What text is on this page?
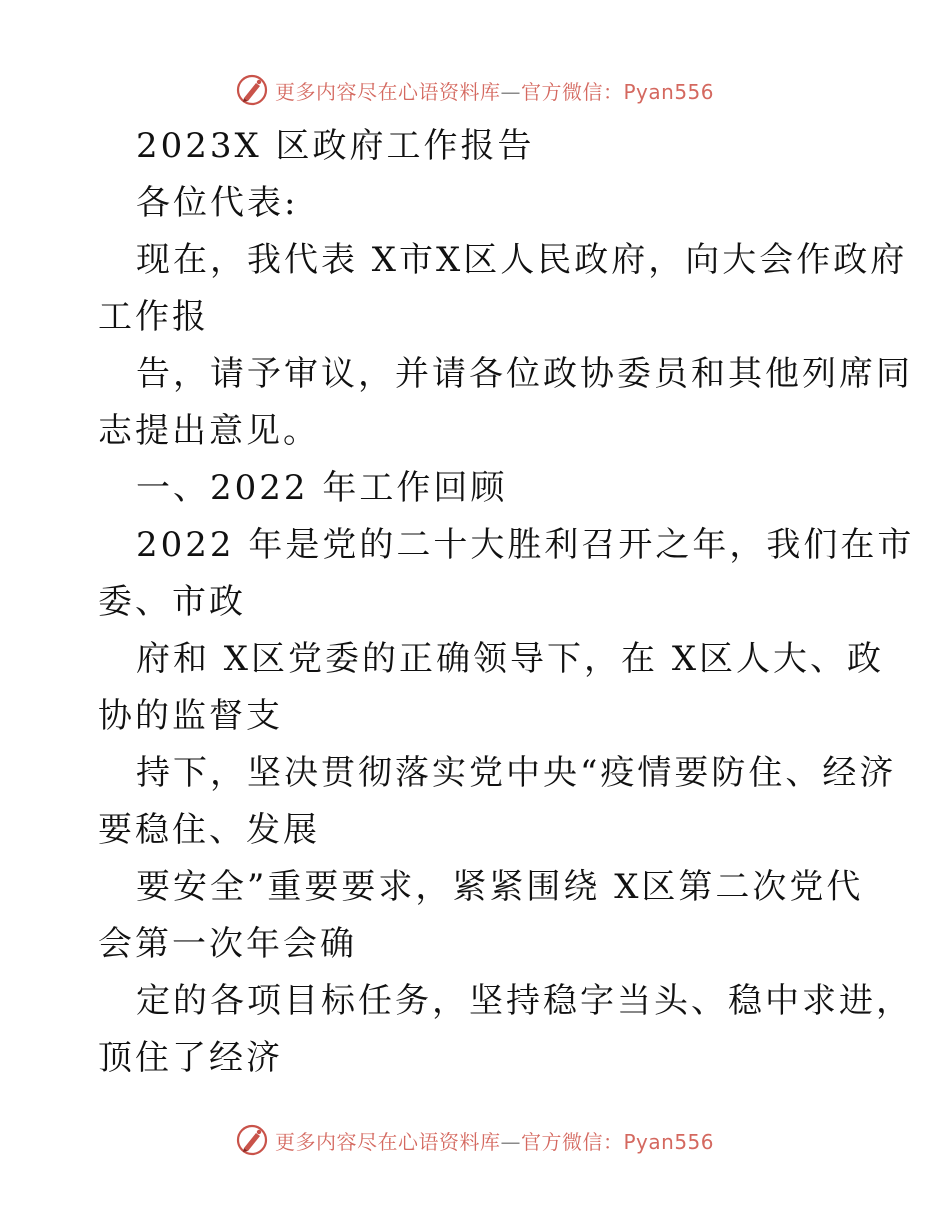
更多内容尽在心语资料库—官方微信：Pyan556
2023X 区政府工作报告
各位代表:
现在，我代表 X市X区人民政府，向大会作政府
工作报
告，请予审议，并请各位政协委员和其他列席同
志提出意见。
一、2022 年工作回顾
2022 年是党的二十大胜利召开之年，我们在市
委、市政
府和 X区党委的正确领导下，在 X区人大、政
协的监督支
持下，坚决贯彻落实党中央“疫情要防住、经济
要稳住、发展
要安全”重要要求，紧紧围绕 X区第二次党代
会第一次年会确
定的各项目标任务，坚持稳字当头、稳中求进，
顶住了经济
更多内容尽在心语资料库—官方微信：Pyan556
